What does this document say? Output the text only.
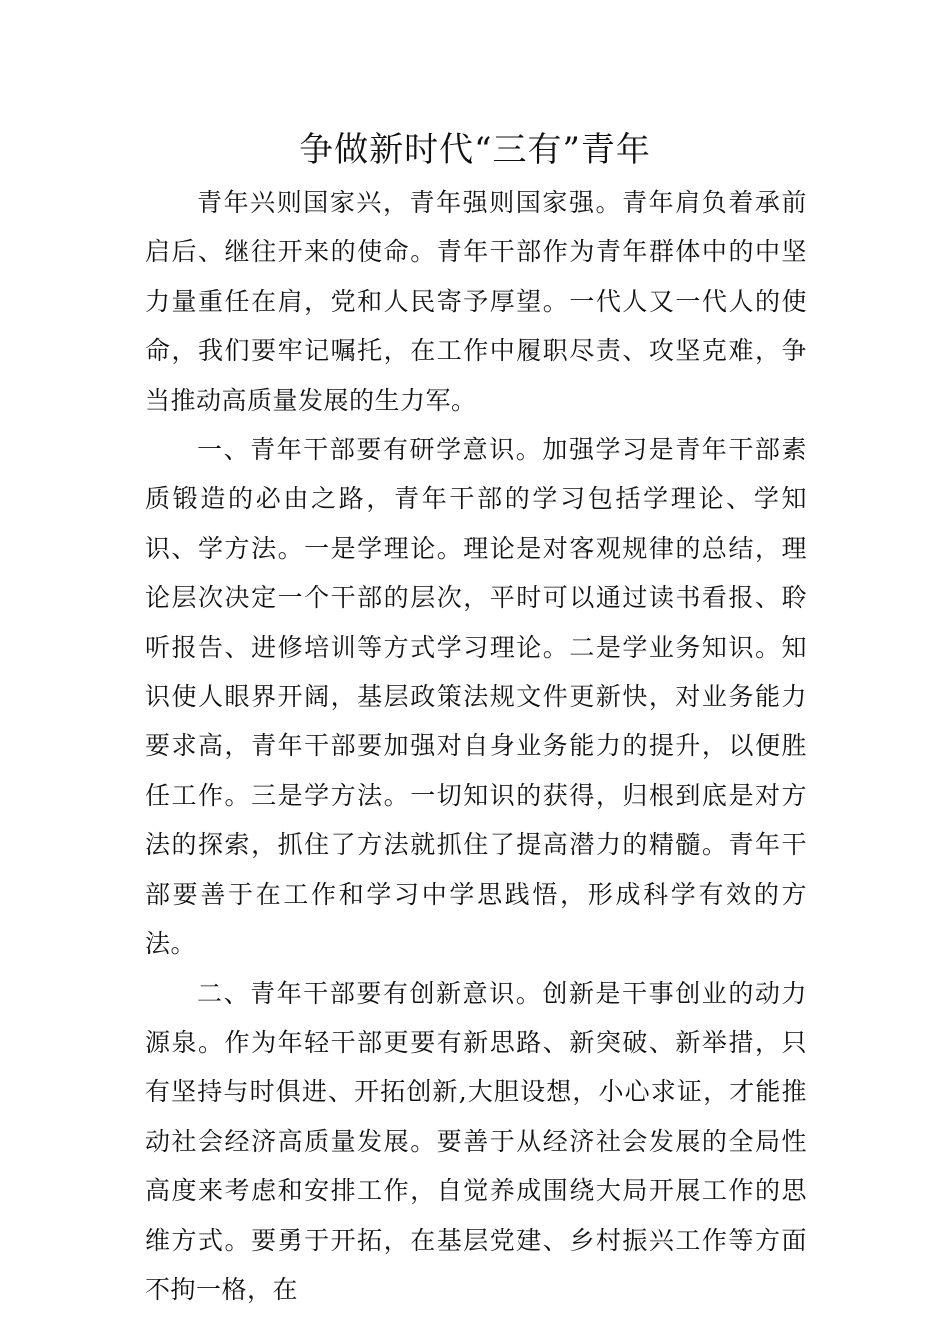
争做新时代“三有”青年

青年兴则国家兴，青年强则国家强。青年肩负着承前启后、继往开来的使命。青年干部作为青年群体中的中坚力量重任在肩，党和人民寄予厚望。一代人又一代人的使命，我们要牢记嘱托，在工作中履职尽责、攻坚克难，争当推动高质量发展的生力军。

一、青年干部要有研学意识。加强学习是青年干部素质锻造的必由之路，青年干部的学习包括学理论、学知识、学方法。一是学理论。理论是对客观规律的总结，理论层次决定一个干部的层次，平时可以通过读书看报、聆听报告、进修培训等方式学习理论。二是学业务知识。知识使人眼界开阔，基层政策法规文件更新快，对业务能力要求高，青年干部要加强对自身业务能力的提升，以便胜任工作。三是学方法。一切知识的获得，归根到底是对方法的探索，抓住了方法就抓住了提高潜力的精髓。青年干部要善于在工作和学习中学思践悟，形成科学有效的方法。

二、青年干部要有创新意识。创新是干事创业的动力源泉。作为年轻干部更要有新思路、新突破、新举措，只有坚持与时俱进、开拓创新,大胆设想，小心求证，才能推动社会经济高质量发展。要善于从经济社会发展的全局性高度来考虑和安排工作，自觉养成围绕大局开展工作的思维方式。要勇于开拓，在基层党建、乡村振兴工作等方面不拘一格，在
